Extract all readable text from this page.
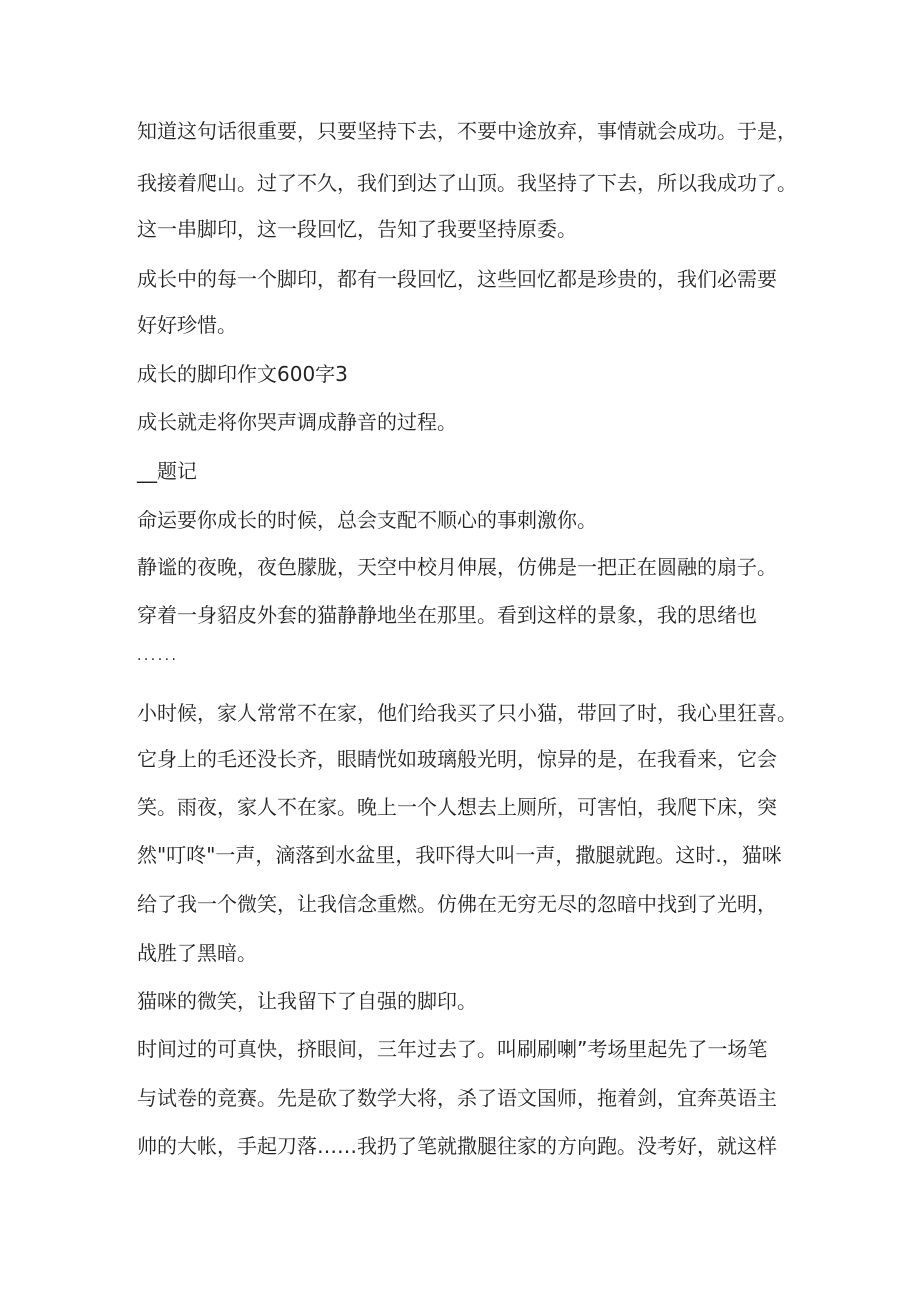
知道这句话很重要，只要坚持下去，不要中途放弃，事情就会成功。于是，

我接着爬山。过了不久，我们到达了山顶。我坚持了下去，所以我成功了。

这一串脚印，这一段回忆，告知了我要坚持原委。

成长中的每一个脚印，都有一段回忆，这些回忆都是珍贵的，我们必需要

好好珍惜。

成长的脚印作文600字3

成长就走将你哭声调成静音的过程。

__题记

命运要你成长的时候，总会支配不顺心的事刺激你。

静谧的夜晚，夜色朦胧，天空中校月伸展，仿佛是一把正在圆融的扇子。

穿着一身貂皮外套的猫静静地坐在那里。看到这样的景象，我的思绪也

· · · · · ·

小时候，家人常常不在家，他们给我买了只小猫，带回了时，我心里狂喜。

它身上的毛还没长齐，眼睛恍如玻璃般光明，惊异的是，在我看来，它会

笑。雨夜，家人不在家。晚上一个人想去上厕所，可害怕，我爬下床，突

然"叮咚"一声，滴落到水盆里，我吓得大叫一声，撒腿就跑。这时.，猫咪

给了我一个微笑，让我信念重燃。仿佛在无穷无尽的忽暗中找到了光明，

战胜了黑暗。

猫咪的微笑，让我留下了自强的脚印。

时间过的可真快，挤眼间，三年过去了。叫刷刷喇”考场里起先了一场笔

与试卷的竞赛。先是砍了数学大将，杀了语文国师，拖着剑，宜奔英语主

帅的大帐，手起刀落……我扔了笔就撒腿往家的方向跑。没考好，就这样
